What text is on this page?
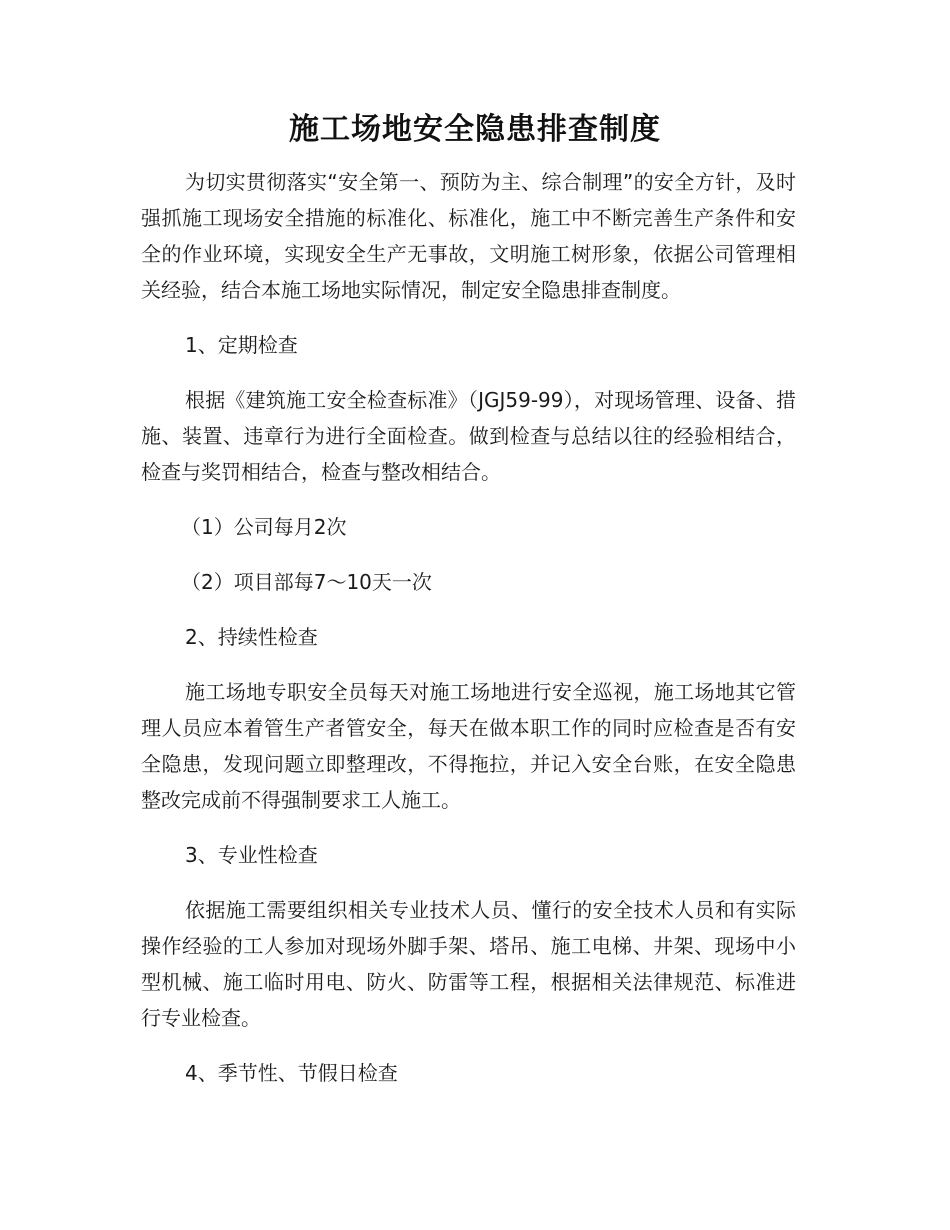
施工场地安全隐患排查制度

为切实贯彻落实“安全第一、预防为主、综合制理”的安全方针，及时强抓施工现场安全措施的标准化、标准化，施工中不断完善生产条件和安全的作业环境，实现安全生产无事故，文明施工树形象，依据公司管理相关经验，结合本施工场地实际情况，制定安全隐患排查制度。

1、定期检查

根据《建筑施工安全检查标准》（JGJ59-99），对现场管理、设备、措施、装置、违章行为进行全面检查。做到检查与总结以往的经验相结合，检查与奖罚相结合，检查与整改相结合。

（1）公司每月2次

（2）项目部每7～10天一次

2、持续性检查

施工场地专职安全员每天对施工场地进行安全巡视，施工场地其它管理人员应本着管生产者管安全，每天在做本职工作的同时应检查是否有安全隐患，发现问题立即整理改，不得拖拉，并记入安全台账，在安全隐患整改完成前不得强制要求工人施工。

3、专业性检查

依据施工需要组织相关专业技术人员、懂行的安全技术人员和有实际操作经验的工人参加对现场外脚手架、塔吊、施工电梯、井架、现场中小型机械、施工临时用电、防火、防雷等工程，根据相关法律规范、标准进行专业检查。

4、季节性、节假日检查
